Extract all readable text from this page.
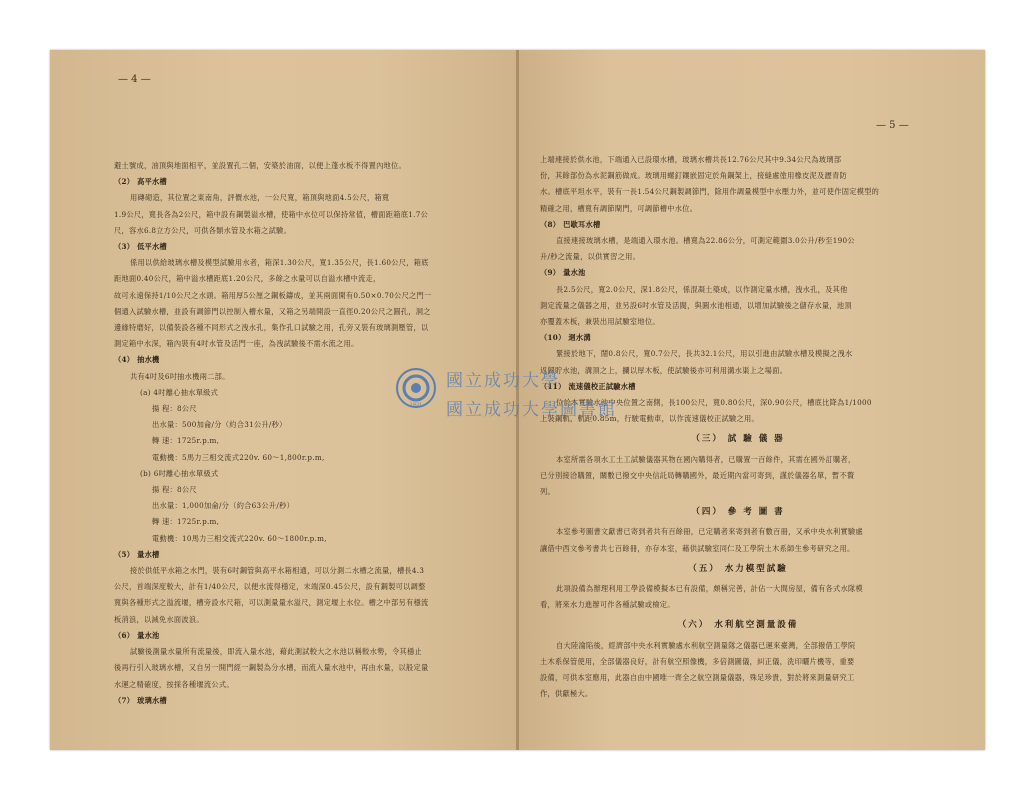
— 4 —
— 5 —

避土號成，油頂與地面相平，並設置孔二個，安築於油面，以便上蓬水板不得置內地位。

（2） 高平水槽

用磚砌造，其位置之東南角，評價水池，一公尺寬，箱頂與地面4.5公尺，箱寬

1.9公尺，寬長各為2公尺，箱中設有鋼製溢水槽，使箱中水位可以保持常值，槽面距箱底1.7公

尺，容水6.8立方公尺，可供各類水管及水箱之試驗。

（3） 低平水槽

係用以供給玻璃水槽及模型試驗用水者，箱深1.30公尺，寬1.35公尺，長1.60公尺，箱底

距地面0.40公尺，箱中溢水槽距底1.20公尺，多餘之水量可以自溢水槽中流走，

故可永遠保持1/10公尺之水頭。箱用厚5公厘之鋼板鑄成，並其兩面開有0.50×0.70公尺之門一

個通入試驗水槽，並設有調節門以控制入槽水量，又箱之另端開設一直徑0.20公尺之圓孔，洞之

邊緣特磨好，以備裝設各種不同形式之洩水孔，集作孔口試驗之用，孔旁又裝有玻璃測壓管，以

測定箱中水深，箱內裝有4吋水管及活門一座，為洩試驗後不需水流之用。

（4） 抽水機

共有4吋及6吋抽水機兩二部。

(a) 4吋離心抽水單級式

揚 程：8公尺

出水量：500加侖/分（約合31公升/秒）

轉 速：1725r.p.m,

電動機：5馬力三相交流式220v. 60～1,800r.p.m,

(b) 6吋離心抽水單級式

揚 程：8公尺

出水量：1,000加侖/分（約合63公升/秒）

轉 速：1725r.p.m,

電動機：10馬力三相交流式220v. 60～1800r.p.m,

（5） 量水槽

接於供低平水箱之水門，裝有6吋鋼管與高平水箱相通，可以分測二水槽之流量，槽長4.3

公尺，首端深度較大，計有1/40公尺，以便水流得穩定，末端深0.45公尺，設有鋼製可以調整

寬與各種形式之溢流堰，槽旁設水尺箱，可以測量量水溢尺，測定堰上水位。槽之中部另有穩流

板消浪，以減免水面波浪。

（6） 量水池

試驗後測量水量所有流量後，即流入量水池，藉此測試較大之水池以稱較水勢，令其穩止

後再行引入玻璃水槽，又自另一開門經一鋼製為分水槽，而流入量水池中，再由水量，以般定量

水運之精確度，按採各種堰流公式。

（7） 玻璃水槽

上端連接於供水池，下端通入已設環水槽，玻璃水槽共長12.76公尺其中9.34公尺為玻璃部

份，其餘部份為水泥鋼筋做成。玻璃用螺釘鑲嵌固定於角鋼架上，接縫處塗用橡皮泥及瀝青防

水。槽底平坦水平，裝有一長1.54公尺鋼製調節門，除用作調量模型中水壓力外，並可使作固定模型的

精確之用，槽寬有調節閘門，可調節槽中水位。

（8） 巴歇耳水槽

直接連接玻璃水槽，是端通入環水池。槽寬為22.86公分，可測定範圍3.0公升/秒至190公

升/秒之流量，以供實習之用。

（9） 量水池

長2.5公尺，寬2.0公尺，深1.8公尺，係混凝土築成，以作測定量水槽，洩水孔，及其他

測定流量之儀器之用，並另設6吋水管及活閥，與圓水池相通，以增加試驗後之儲存水量，池頂

亦覆蓋木板，兼裝出用試驗室地位。

（10） 迴水溝

緊接於地下，闊0.8公尺，寬0.7公尺，長共32.1公尺，用以引進由試驗水槽及模擬之洩水

返歸貯水池，溝頂之上，攔以厚木板，使試驗後亦可利用溝水渠上之場面。

（11） 流速儀校正試驗水槽

位於本實驗水池中央位置之南側，長100公尺，寬0.80公尺，深0.90公尺，槽底比降為1/1000

上裝鋼軌，軌距0.85m，行駛電動車，以作流速儀校正試驗之用。

（三） 試 驗 儀 器

本室所需各項水工土工試驗儀器其物在國內購得者，已購置一百餘件，其需在國外訂購者，

已分別接洽購置，關數已撥交中央信託局轉購國外，最近期內當可寄到，謹於儀器名單，暫不贅

列。

（四） 參 考 圖 書

本室參考圖書文獻書已寄到者共有百餘冊，已定購者來寄到者有數百冊，又承中央水利實驗處

讓借中西文參考書共七百餘冊，亦存本室，藉供試驗室同仁及工學院土木系師生參考研究之用。

（五） 水力模型試驗

此項設備為辦理利用工學設備模擬本已有設備，頗稱完善，計佔一大間房屋，備有各式水隊模

看，將來水力進辦可作各種試驗或檢定。

（六） 水利航空測量設備

自大陸淪陷後，經濟部中央水利實驗處水利航空測量隊之儀器已運來臺灣，全部撥借工學院

土木系保管使用，全部儀器良好，計有航空照像機，多倍測圖儀，糾正儀，洗印曬片機等，重要

設備，可供本室應用，此器自由中國唯一齊全之航空測量儀器，殊足珍貴，對於將來測量研究工

作，供獻極大。

1931
國立成功大學
國立成功大學圖書館
